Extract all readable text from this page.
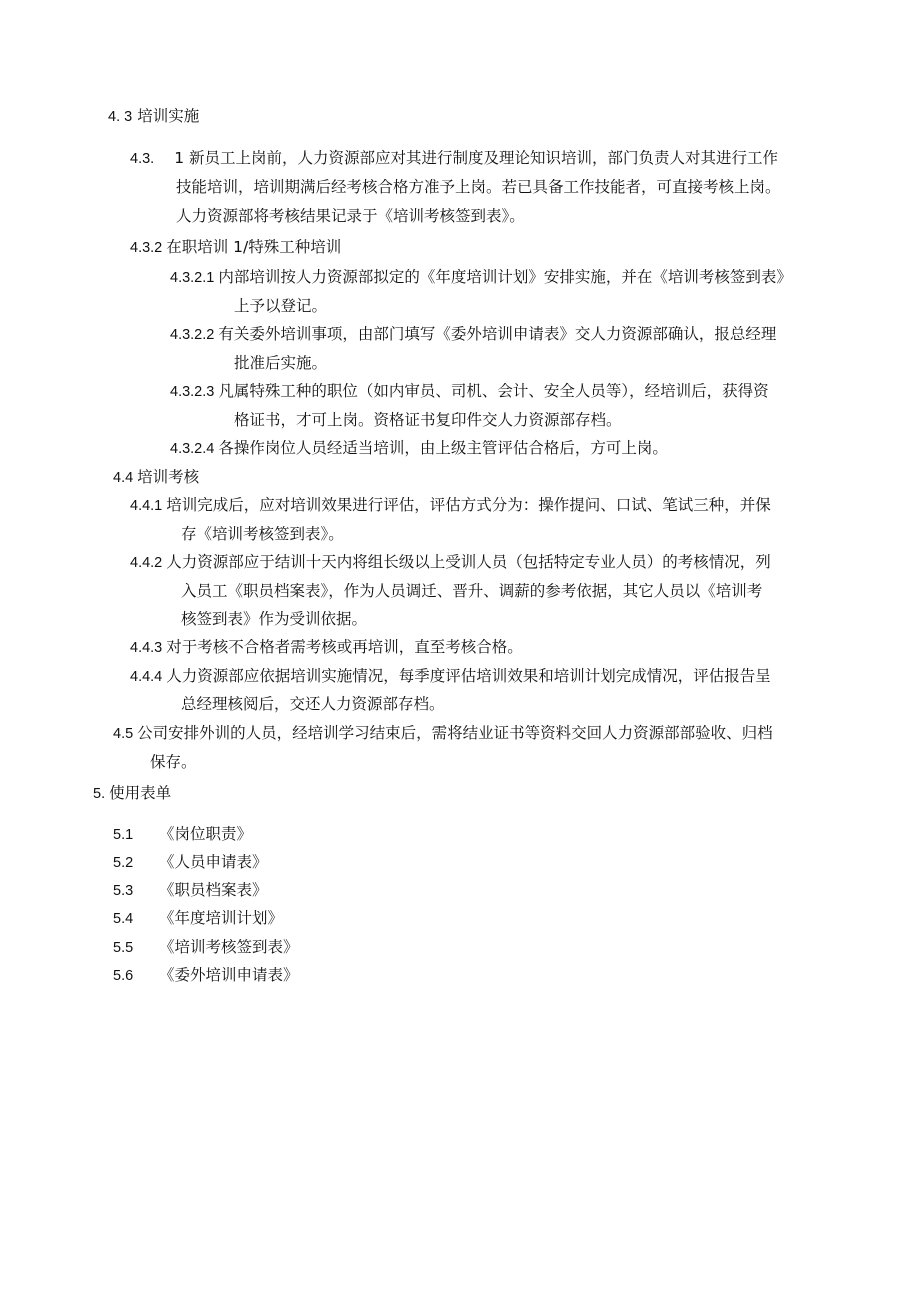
4. 3 培训实施
4.3. 1 新员工上岗前，人力资源部应对其进行制度及理论知识培训，部门负责人对其进行工作
技能培训，培训期满后经考核合格方准予上岗。若已具备工作技能者，可直接考核上岗。
人力资源部将考核结果记录于《培训考核签到表》。
4.3.2 在职培训 1/特殊工种培训
4.3.2.1 内部培训按人力资源部拟定的《年度培训计划》安排实施，并在《培训考核签到表》
上予以登记。
4.3.2.2 有关委外培训事项，由部门填写《委外培训申请表》交人力资源部确认，报总经理
批准后实施。
4.3.2.3 凡属特殊工种的职位（如内审员、司机、会计、安全人员等），经培训后，获得资
格证书，才可上岗。资格证书复印件交人力资源部存档。
4.3.2.4 各操作岗位人员经适当培训，由上级主管评估合格后，方可上岗。
4.4 培训考核
4.4.1 培训完成后，应对培训效果进行评估，评估方式分为：操作提问、口试、笔试三种，并保
存《培训考核签到表》。
4.4.2 人力资源部应于结训十天内将组长级以上受训人员（包括特定专业人员）的考核情况，列
入员工《职员档案表》，作为人员调迁、晋升、调薪的参考依据，其它人员以《培训考
核签到表》作为受训依据。
4.4.3 对于考核不合格者需考核或再培训，直至考核合格。
4.4.4 人力资源部应依据培训实施情况，每季度评估培训效果和培训计划完成情况，评估报告呈
总经理核阅后，交还人力资源部存档。
4.5 公司安排外训的人员，经培训学习结束后，需将结业证书等资料交回人力资源部部验收、归档
保存。
5. 使用表单
5.1 《岗位职责》
5.2 《人员申请表》
5.3 《职员档案表》
5.4 《年度培训计划》
5.5 《培训考核签到表》
5.6 《委外培训申请表》
